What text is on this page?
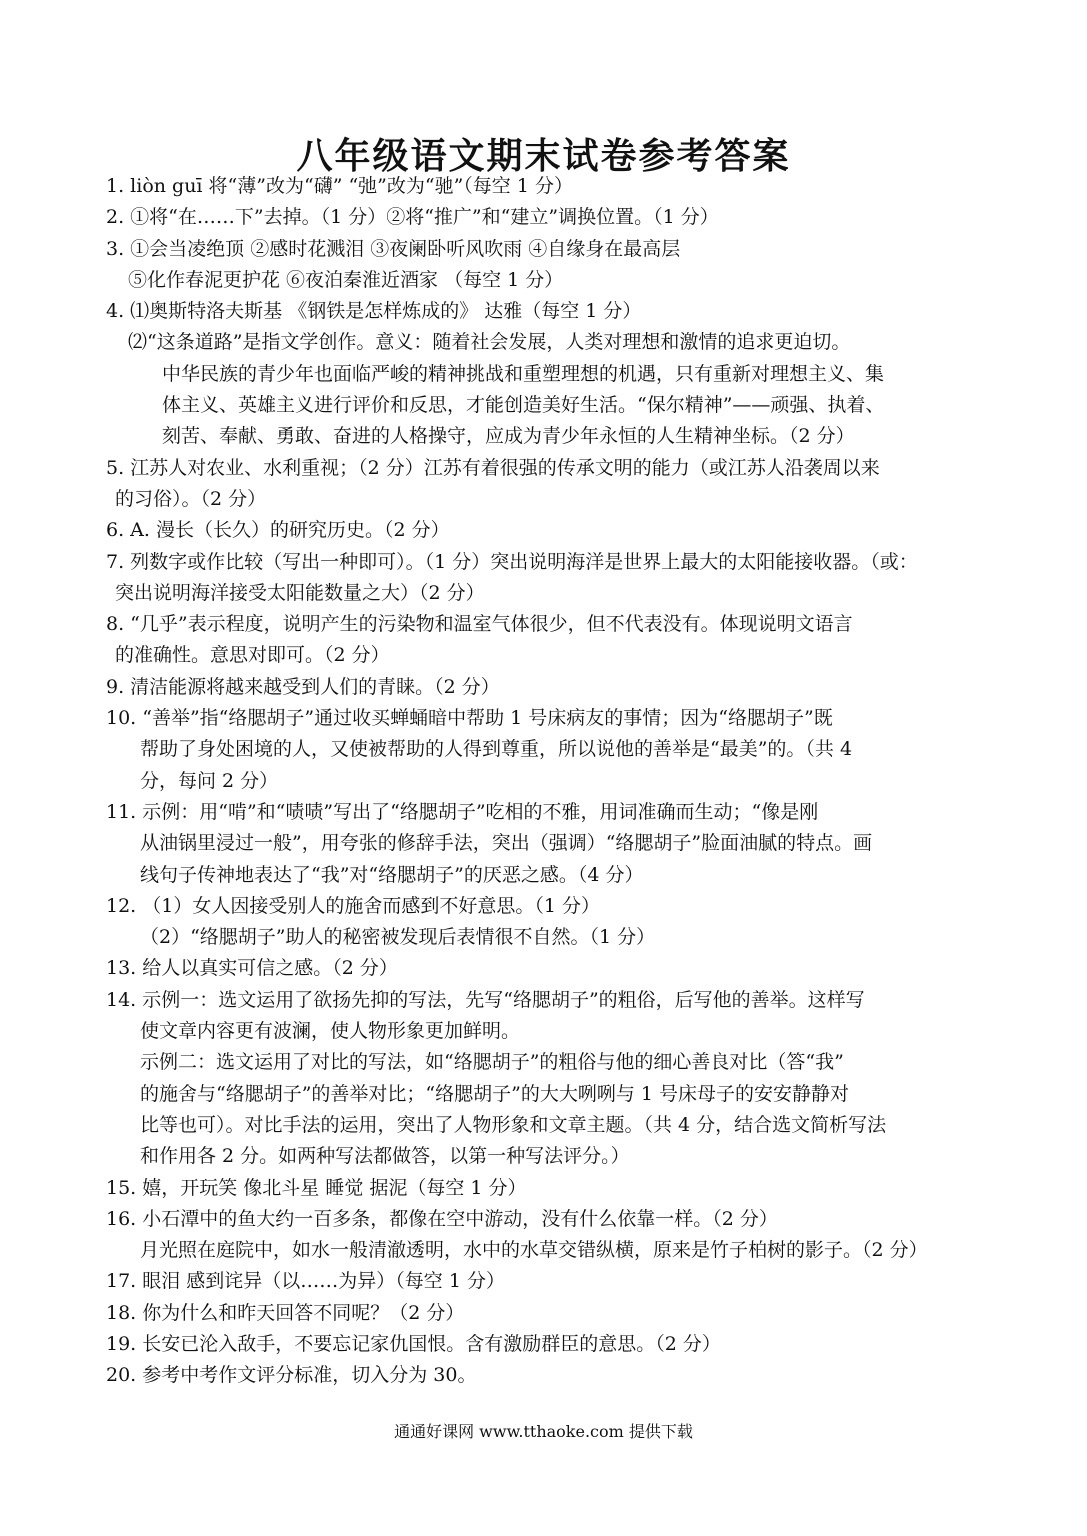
八年级语文期末试卷参考答案
1. liòn guī 将“薄”改为“礴” “弛”改为“驰”（每空 1 分）
2. ①将“在……下”去掉。（1 分）②将“推广”和“建立”调换位置。（1 分）
3. ①会当凌绝顶 ②感时花溅泪 ③夜阑卧听风吹雨 ④自缘身在最高层
⑤化作春泥更护花 ⑥夜泊秦淮近酒家 （每空 1 分）
4. ⑴奥斯特洛夫斯基 《钢铁是怎样炼成的》 达雅（每空 1 分）
⑵“这条道路”是指文学创作。意义：随着社会发展，人类对理想和激情的追求更迫切。
中华民族的青少年也面临严峻的精神挑战和重塑理想的机遇，只有重新对理想主义、集
体主义、英雄主义进行评价和反思，才能创造美好生活。“保尔精神”——顽强、执着、
刻苦、奉献、勇敢、奋进的人格操守，应成为青少年永恒的人生精神坐标。（2 分）
5. 江苏人对农业、水利重视；（2 分）江苏有着很强的传承文明的能力（或江苏人沿袭周以来
的习俗）。（2 分）
6. A. 漫长（长久）的研究历史。（2 分）
7. 列数字或作比较（写出一种即可）。（1 分）突出说明海洋是世界上最大的太阳能接收器。（或：
突出说明海洋接受太阳能数量之大）（2 分）
8. “几乎”表示程度，说明产生的污染物和温室气体很少，但不代表没有。体现说明文语言
的准确性。意思对即可。（2 分）
9. 清洁能源将越来越受到人们的青睐。（2 分）
10. “善举”指“络腮胡子”通过收买蝉蛹暗中帮助 1 号床病友的事情；因为“络腮胡子”既
帮助了身处困境的人，又使被帮助的人得到尊重，所以说他的善举是“最美”的。（共 4
分，每问 2 分）
11. 示例：用“啃”和“啧啧”写出了“络腮胡子”吃相的不雅，用词准确而生动；“像是刚
从油锅里浸过一般”，用夸张的修辞手法，突出（强调）“络腮胡子”脸面油腻的特点。画
线句子传神地表达了“我”对“络腮胡子”的厌恶之感。（4 分）
12. （1）女人因接受别人的施舍而感到不好意思。（1 分）
（2）“络腮胡子”助人的秘密被发现后表情很不自然。（1 分）
13. 给人以真实可信之感。（2 分）
14. 示例一：选文运用了欲扬先抑的写法，先写“络腮胡子”的粗俗，后写他的善举。这样写
使文章内容更有波澜，使人物形象更加鲜明。
示例二：选文运用了对比的写法，如“络腮胡子”的粗俗与他的细心善良对比（答“我”
的施舍与“络腮胡子”的善举对比；“络腮胡子”的大大咧咧与 1 号床母子的安安静静对
比等也可）。对比手法的运用，突出了人物形象和文章主题。（共 4 分，结合选文简析写法
和作用各 2 分。如两种写法都做答，以第一种写法评分。）
15. 嬉，开玩笑 像北斗星 睡觉 据泥（每空 1 分）
16. 小石潭中的鱼大约一百多条，都像在空中游动，没有什么依靠一样。（2 分）
月光照在庭院中，如水一般清澈透明，水中的水草交错纵横，原来是竹子柏树的影子。（2 分）
17. 眼泪 感到诧异（以……为异）（每空 1 分）
18. 你为什么和昨天回答不同呢？（2 分）
19. 长安已沦入敌手，不要忘记家仇国恨。含有激励群臣的意思。（2 分）
20. 参考中考作文评分标准，切入分为 30。
通通好课网 www.tthaoke.com 提供下载
